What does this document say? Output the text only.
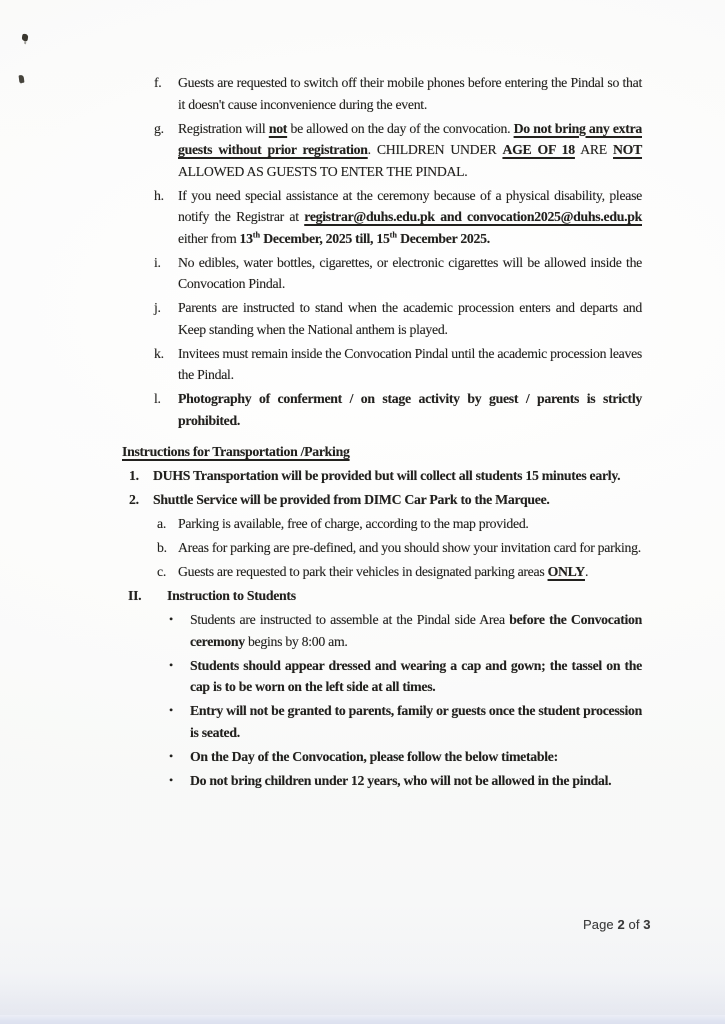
f.	Guests are requested to switch off their mobile phones before entering the Pindal so that it doesn't cause inconvenience during the event.
g.	Registration will not be allowed on the day of the convocation. Do not bring any extra guests without prior registration. CHILDREN UNDER AGE OF 18 ARE NOT ALLOWED AS GUESTS TO ENTER THE PINDAL.
h.	If you need special assistance at the ceremony because of a physical disability, please notify the Registrar at registrar@duhs.edu.pk and convocation2025@duhs.edu.pk either from 13th December, 2025 till, 15th December 2025.
i.	No edibles, water bottles, cigarettes, or electronic cigarettes will be allowed inside the Convocation Pindal.
j.	Parents are instructed to stand when the academic procession enters and departs and Keep standing when the National anthem is played.
k.	Invitees must remain inside the Convocation Pindal until the academic procession leaves the Pindal.
l.	Photography of conferment / on stage activity by guest / parents is strictly prohibited.
Instructions for Transportation /Parking
1.	DUHS Transportation will be provided but will collect all students 15 minutes early.
2.	Shuttle Service will be provided from DIMC Car Park to the Marquee.
a. Parking is available, free of charge, according to the map provided.
b. Areas for parking are pre-defined, and you should show your invitation card for parking.
c. Guests are requested to park their vehicles in designated parking areas ONLY.
II.	Instruction to Students
•	Students are instructed to assemble at the Pindal side Area before the Convocation ceremony begins by 8:00 am.
•	Students should appear dressed and wearing a cap and gown; the tassel on the cap is to be worn on the left side at all times.
•	Entry will not be granted to parents, family or guests once the student procession is seated.
•	On the Day of the Convocation, please follow the below timetable:
•	Do not bring children under 12 years, who will not be allowed in the pindal.
Page 2 of 3
